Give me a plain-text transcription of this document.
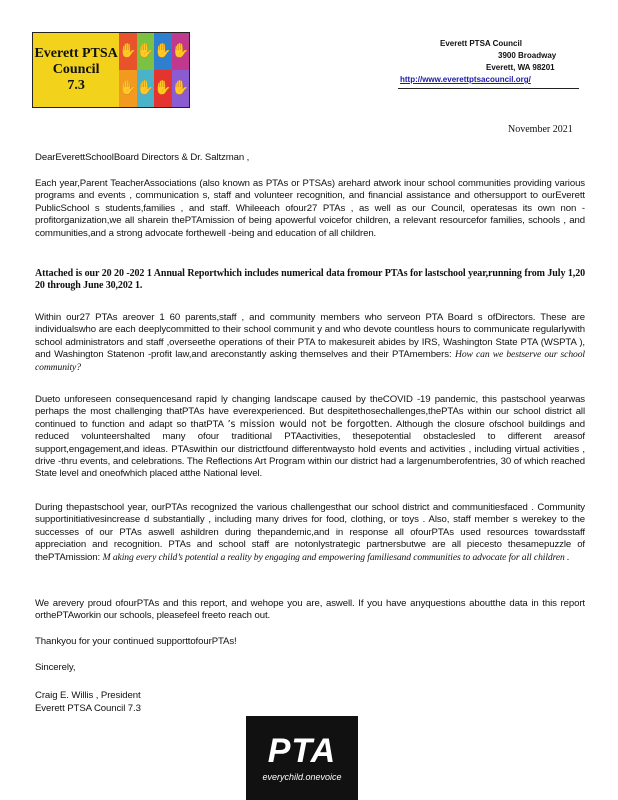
Everett PTSA
Council
7.3
✋ ✋ ✋ ✋
✋ ✋ ✋ ✋
Everett PTSA Council
3900 Broadway
Everett, WA 98201
http://www.everettptsacouncil.org/
November 2021
DearEverettSchoolBoard Directors & Dr. Saltzman ,
Each year,Parent TeacherAssociations (also known as PTAs or PTSAs) arehard atwork inour school communities providing various programs and events , communication s, staff and volunteer recognition, and financial assistance and othersupport to ourEverett PublicSchool s students,families , and staff. Whileeach ofour27 PTAs , as well as our Council, operatesas its own non -profitorganization,we all sharein thePTAmission of being apowerful voicefor children, a relevant resourcefor families, schools , and communities,and a strong advocate forthewell -being and education of all children.
Attached is our 20 20 -202 1 Annual Reportwhich includes numerical data fromour PTAs for lastschool year,running from July 1,20 20 through June 30,202 1.
Within our27 PTAs areover 1 60 parents,staff , and community members who serveon PTA Board s ofDirectors. These are individualswho are each deeplycommitted to their school communit y and who devote countless hours to communicate regularlywith school administrators and staff ,overseethe operations of their PTA to makesureit abides by IRS, Washington State PTA (WSPTA ), and Washington Statenon -profit law,and areconstantly asking themselves and their PTAmembers: How can we bestserve our school community?
Dueto unforeseen consequencesand rapid ly changing landscape caused by theCOVID -19 pandemic, this pastschool yearwas perhaps the most challenging thatPTAs have everexperienced. But despitethosechallenges,thePTAs within our school district all continued to function and adapt so thatPTA ’s mission would not be forgotten. Although the closure ofschool buildings and reduced volunteershalted many ofour traditional PTAactivities, thesepotential obstaclesled to different areasof support,engagement,and ideas. PTAswithin our districtfound differentwaysto hold events and activities , including virtual activities , drive -thru events, and celebrations. The Reflections Art Program within our district had a largenumberofentries, 30 of which reached State level and oneofwhich placed atthe National level.
During thepastschool year, ourPTAs recognized the various challengesthat our school district and communitiesfaced . Community supportinitiativesincrease d substantially , including many drives for food, clothing, or toys . Also, staff member s werekey to the successes of our PTAs aswell ashildren during thepandemic,and in response all ofourPTAs used resources towardsstaff appreciation and recognition. PTAs and school staff are notonlystrategic partnersbutwe are all piecesto thesamepuzzle of thePTAmission: M aking every child’s potential a reality by engaging and empowering familiesand communities to advocate for all children .
We arevery proud ofourPTAs and this report, and wehope you are, aswell. If you have anyquestions aboutthe data in this report orthePTAworkin our schools, pleasefeel freeto reach out.
Thankyou for your continued supporttofourPTAs!
Sincerely,
Craig E. Willis , President
Everett PTSA Council 7.3
PTA
everychild.onevoice
